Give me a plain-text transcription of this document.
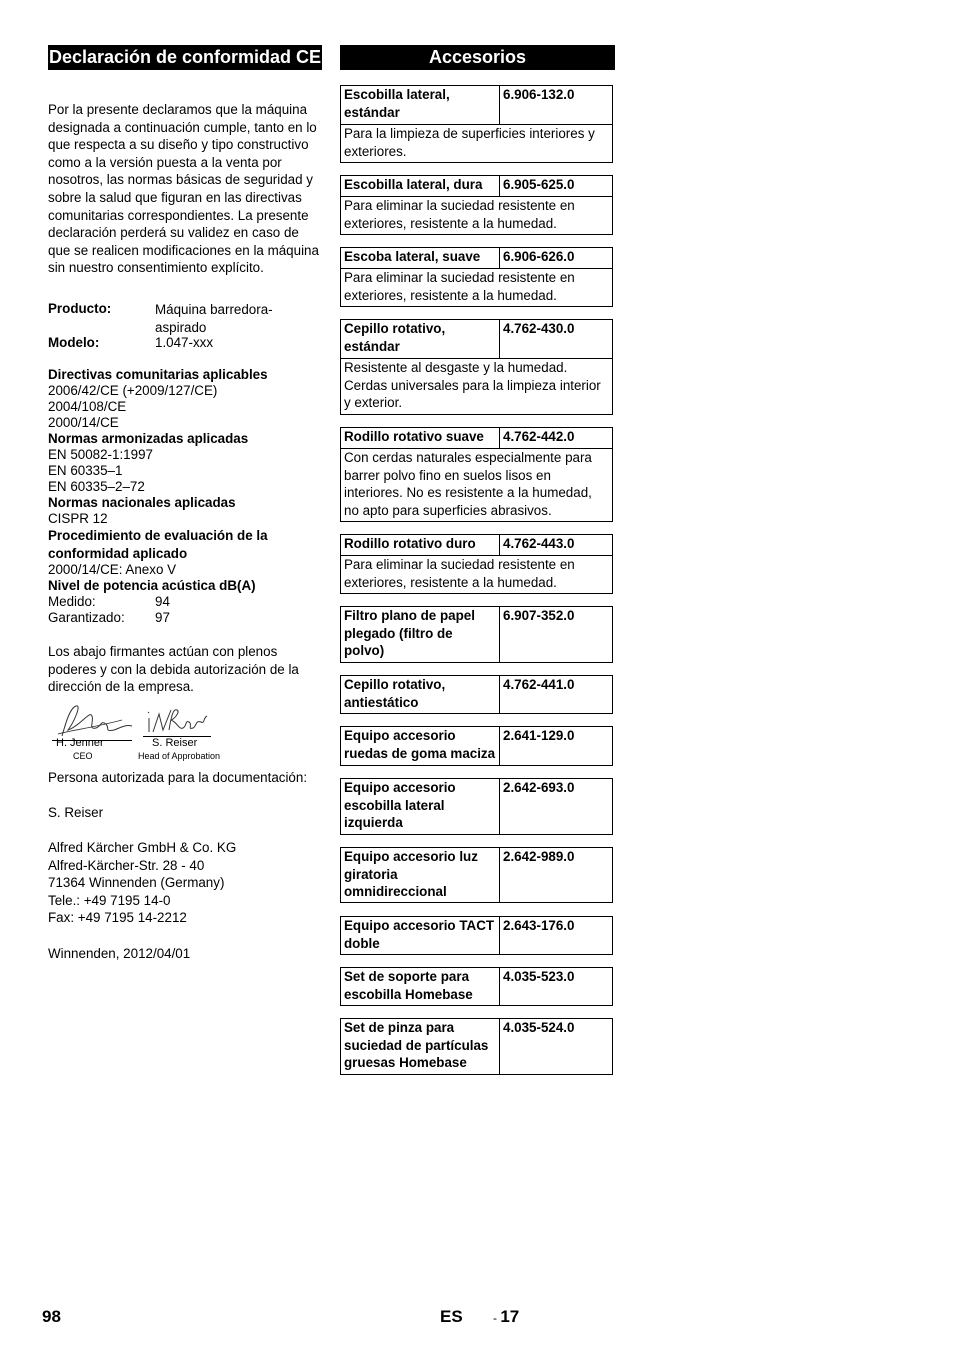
Declaración de conformidad CE
Por la presente declaramos que la máquina designada a continuación cumple, tanto en lo que respecta a su diseño y tipo constructivo como a la versión puesta a la venta por nosotros, las normas básicas de seguridad y sobre la salud que figuran en las directivas comunitarias correspondientes. La presente declaración perderá su validez en caso de que se realicen modificaciones en la máquina sin nuestro consentimiento explícito.
Producto:	Máquina barredora-aspirado
Modelo:	1.047-xxx
Directivas comunitarias aplicables
2006/42/CE (+2009/127/CE)
2004/108/CE
2000/14/CE
Normas armonizadas aplicadas
EN 50082-1:1997
EN 60335–1
EN 60335–2–72
Normas nacionales aplicadas
CISPR 12
Procedimiento de evaluación de la conformidad aplicado
2000/14/CE: Anexo V
Nivel de potencia acústica dB(A)
Medido:	94
Garantizado: 97
Los abajo firmantes actúan con plenos poderes y con la debida autorización de la dirección de la empresa.
H. Jenner
CEO
S. Reiser
Head of Approbation
Persona autorizada para la documentación:
S. Reiser
Alfred Kärcher GmbH & Co. KG
Alfred-Kärcher-Str. 28 - 40
71364 Winnenden (Germany)
Tele.: +49 7195 14-0
Fax: +49 7195 14-2212
Winnenden, 2012/04/01
Accesorios
Escobilla lateral, estándar
6.906-132.0
Para la limpieza de superficies interiores y exteriores.
Escobilla lateral, dura	6.905-625.0
Para eliminar la suciedad resistente en exteriores, resistente a la humedad.
Escoba lateral, suave	6.906-626.0
Para eliminar la suciedad resistente en exteriores, resistente a la humedad.
Cepillo rotativo, estándar
4.762-430.0
Resistente al desgaste y la humedad. Cerdas universales para la limpieza interior y exterior.
Rodillo rotativo suave	4.762-442.0
Con cerdas naturales especialmente para barrer polvo fino en suelos lisos en interiores. No es resistente a la humedad, no apto para superficies abrasivos.
Rodillo rotativo duro	4.762-443.0
Para eliminar la suciedad resistente en exteriores, resistente a la humedad.
Filtro plano de papel plegado (filtro de polvo)
6.907-352.0
Cepillo rotativo, antiestático
4.762-441.0
Equipo accesorio ruedas de goma maciza
2.641-129.0
Equipo accesorio escobilla lateral izquierda
2.642-693.0
Equipo accesorio luz giratoria omnidireccional
2.642-989.0
Equipo accesorio TACT doble
2.643-176.0
Set de soporte para escobilla Homebase
4.035-523.0
Set de pinza para suciedad de partículas gruesas Homebase
4.035-524.0
98	ES	- 17
